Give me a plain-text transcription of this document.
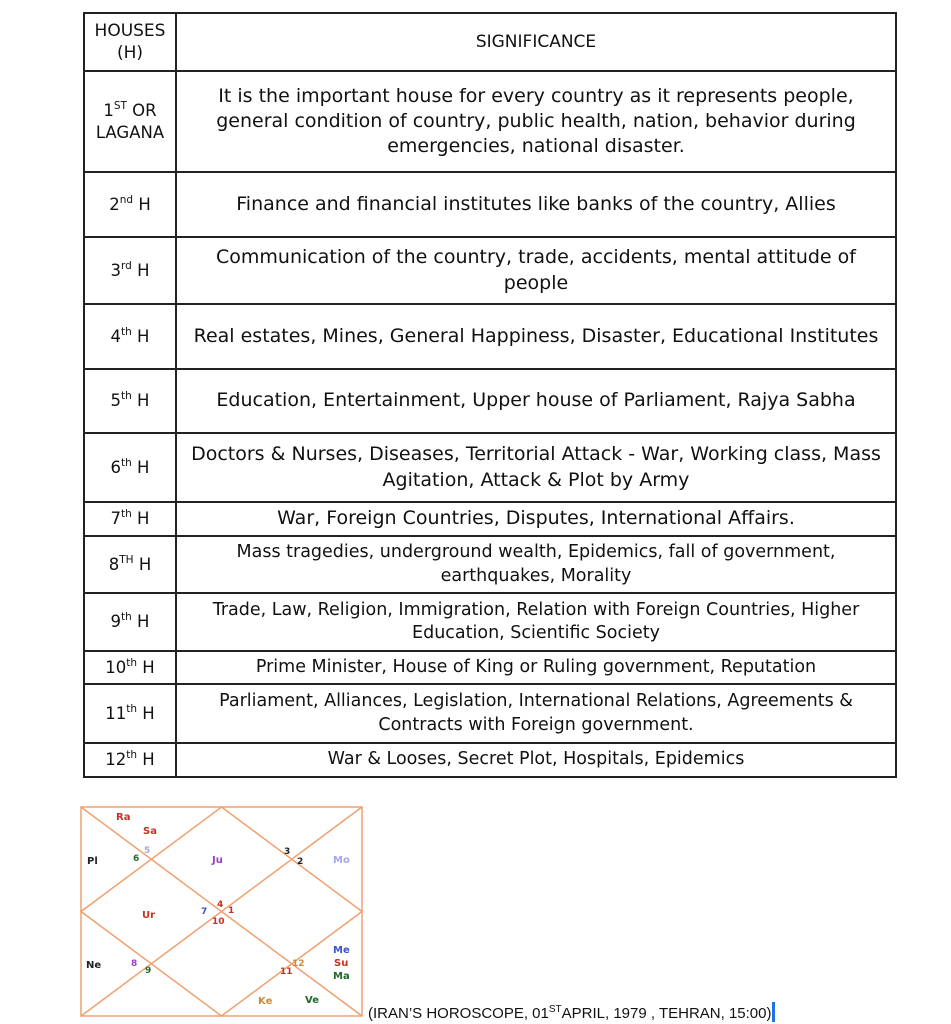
HOUSES (H)	SIGNIFICANCE
1ST OR LAGANA	It is the important house for every country as it represents people, general condition of country, public health, nation, behavior during emergencies, national disaster.
2nd H	Finance and financial institutes like banks of the country, Allies
3rd H	Communication of the country, trade, accidents, mental attitude of people
4th H	Real estates, Mines, General Happiness, Disaster, Educational Institutes
5th H	Education, Entertainment, Upper house of Parliament, Rajya Sabha
6th H	Doctors & Nurses, Diseases, Territorial Attack - War, Working class, Mass Agitation, Attack & Plot by Army
7th H	War, Foreign Countries, Disputes, International Affairs.
8TH H	Mass tragedies, underground wealth, Epidemics, fall of government, earthquakes, Morality
9th H	Trade, Law, Religion, Immigration, Relation with Foreign Countries, Higher Education, Scientific Society
10th H	Prime Minister, House of King or Ruling government, Reputation
11th H	Parliament, Alliances, Legislation, International Relations, Agreements & Contracts with Foreign government.
12th H	War & Looses, Secret Plot, Hospitals, Epidemics
4
3
2
1
12
11
10
9
8
7
6
5
Ra
Sa
Pl	Ju	Mo
Ur
Ne
Me
Su
Ma
Ke	Ve
(IRAN’S HOROSCOPE, 01STAPRIL, 1979 , TEHRAN, 15:00)
